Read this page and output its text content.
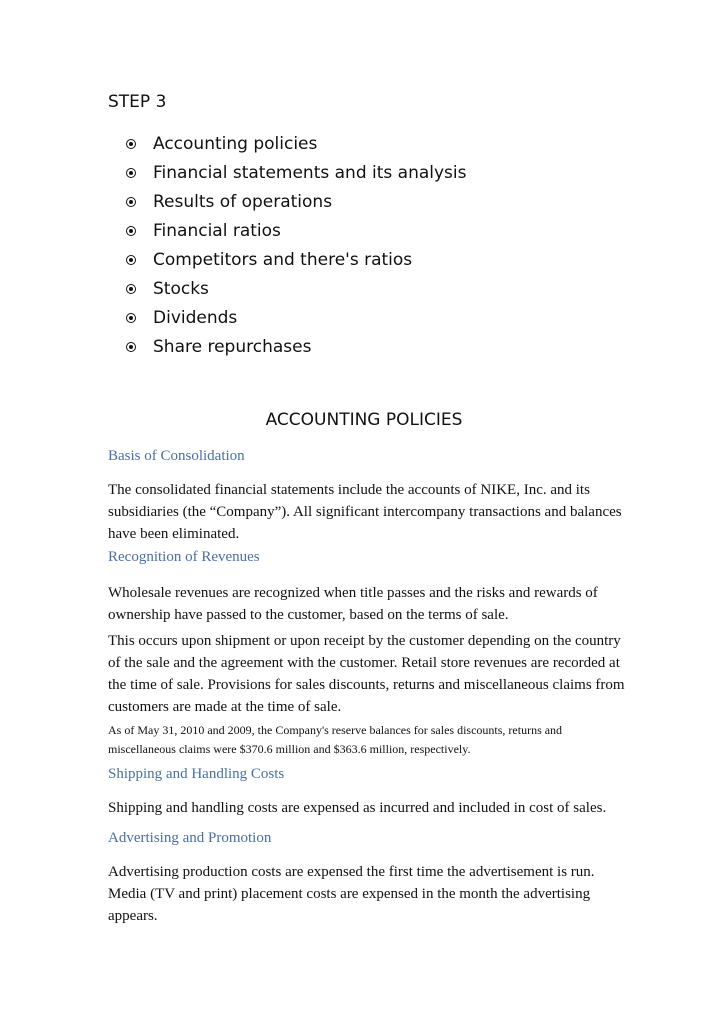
STEP 3
Accounting policies
Financial statements and its analysis
Results of operations
Financial ratios
Competitors and there's ratios
Stocks
Dividends
Share repurchases
ACCOUNTING POLICIES

Basis of Consolidation

The consolidated financial statements include the accounts of NIKE, Inc. and its subsidiaries (the “Company”). All significant intercompany transactions and balances have been eliminated.

Recognition of Revenues

Wholesale revenues are recognized when title passes and the risks and rewards of ownership have passed to the customer, based on the terms of sale.

This occurs upon shipment or upon receipt by the customer depending on the country of the sale and the agreement with the customer. Retail store revenues are recorded at the time of sale. Provisions for sales discounts, returns and miscellaneous claims from customers are made at the time of sale.

As of May 31, 2010 and 2009, the Company's reserve balances for sales discounts, returns and miscellaneous claims were $370.6 million and $363.6 million, respectively.

Shipping and Handling Costs

Shipping and handling costs are expensed as incurred and included in cost of sales.

Advertising and Promotion

Advertising production costs are expensed the first time the advertisement is run. Media (TV and print) placement costs are expensed in the month the advertising appears.
